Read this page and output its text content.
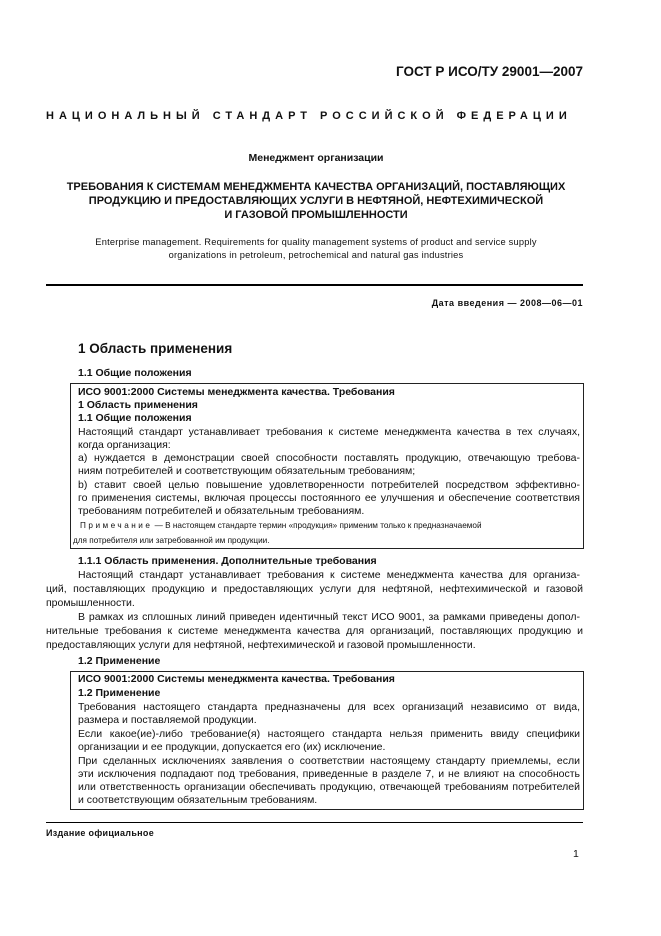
ГОСТ Р ИСО/ТУ 29001—2007
НАЦИОНАЛЬНЫЙ СТАНДАРТ РОССИЙСКОЙ ФЕДЕРАЦИИ
Менеджмент организации
ТРЕБОВАНИЯ К СИСТЕМАМ МЕНЕДЖМЕНТА КАЧЕСТВА ОРГАНИЗАЦИЙ, ПОСТАВЛЯЮЩИХ
ПРОДУКЦИЮ И ПРЕДОСТАВЛЯЮЩИХ УСЛУГИ В НЕФТЯНОЙ, НЕФТЕХИМИЧЕСКОЙ
И ГАЗОВОЙ ПРОМЫШЛЕННОСТИ
Enterprise management. Requirements for quality management systems of product and service supply
organizations in petroleum, petrochemical and natural gas industries
Дата введения — 2008—06—01
1 Область применения
1.1 Общие положения
ИСО 9001:2000 Системы менеджмента качества. Требования
1 Область применения
1.1 Общие положения
Настоящий стандарт устанавливает требования к системе менеджмента качества в тех случаях,
когда организация:
a) нуждается в демонстрации своей способности поставлять продукцию, отвечающую требова-
ниям потребителей и соответствующим обязательным требованиям;
b) ставит своей целью повышение удовлетворенности потребителей посредством эффективно-
го применения системы, включая процессы постоянного ее улучшения и обеспечение соответствия
требованиям потребителей и обязательным требованиям.
Примечание — В настоящем стандарте термин «продукция» применим только к предназначаемой
для потребителя или затребованной им продукции.
1.1.1 Область применения. Дополнительные требования
Настоящий стандарт устанавливает требования к системе менеджмента качества для организа-
ций, поставляющих продукцию и предоставляющих услуги для нефтяной, нефтехимической и газовой
промышленности.
В рамках из сплошных линий приведен идентичный текст ИСО 9001, за рамками приведены допол-
нительные требования к системе менеджмента качества для организаций, поставляющих продукцию и
предоставляющих услуги для нефтяной, нефтехимической и газовой промышленности.
1.2 Применение
ИСО 9001:2000 Системы менеджмента качества. Требования
1.2 Применение
Требования настоящего стандарта предназначены для всех организаций независимо от вида,
размера и поставляемой продукции.
Если какое(ие)-либо требование(я) настоящего стандарта нельзя применить ввиду специфики
организации и ее продукции, допускается его (их) исключение.
При сделанных исключениях заявления о соответствии настоящему стандарту приемлемы, если
эти исключения подпадают под требования, приведенные в разделе 7, и не влияют на способность
или ответственность организации обеспечивать продукцию, отвечающей требованиям потребителей
и соответствующим обязательным требованиям.
Издание официальное
1
